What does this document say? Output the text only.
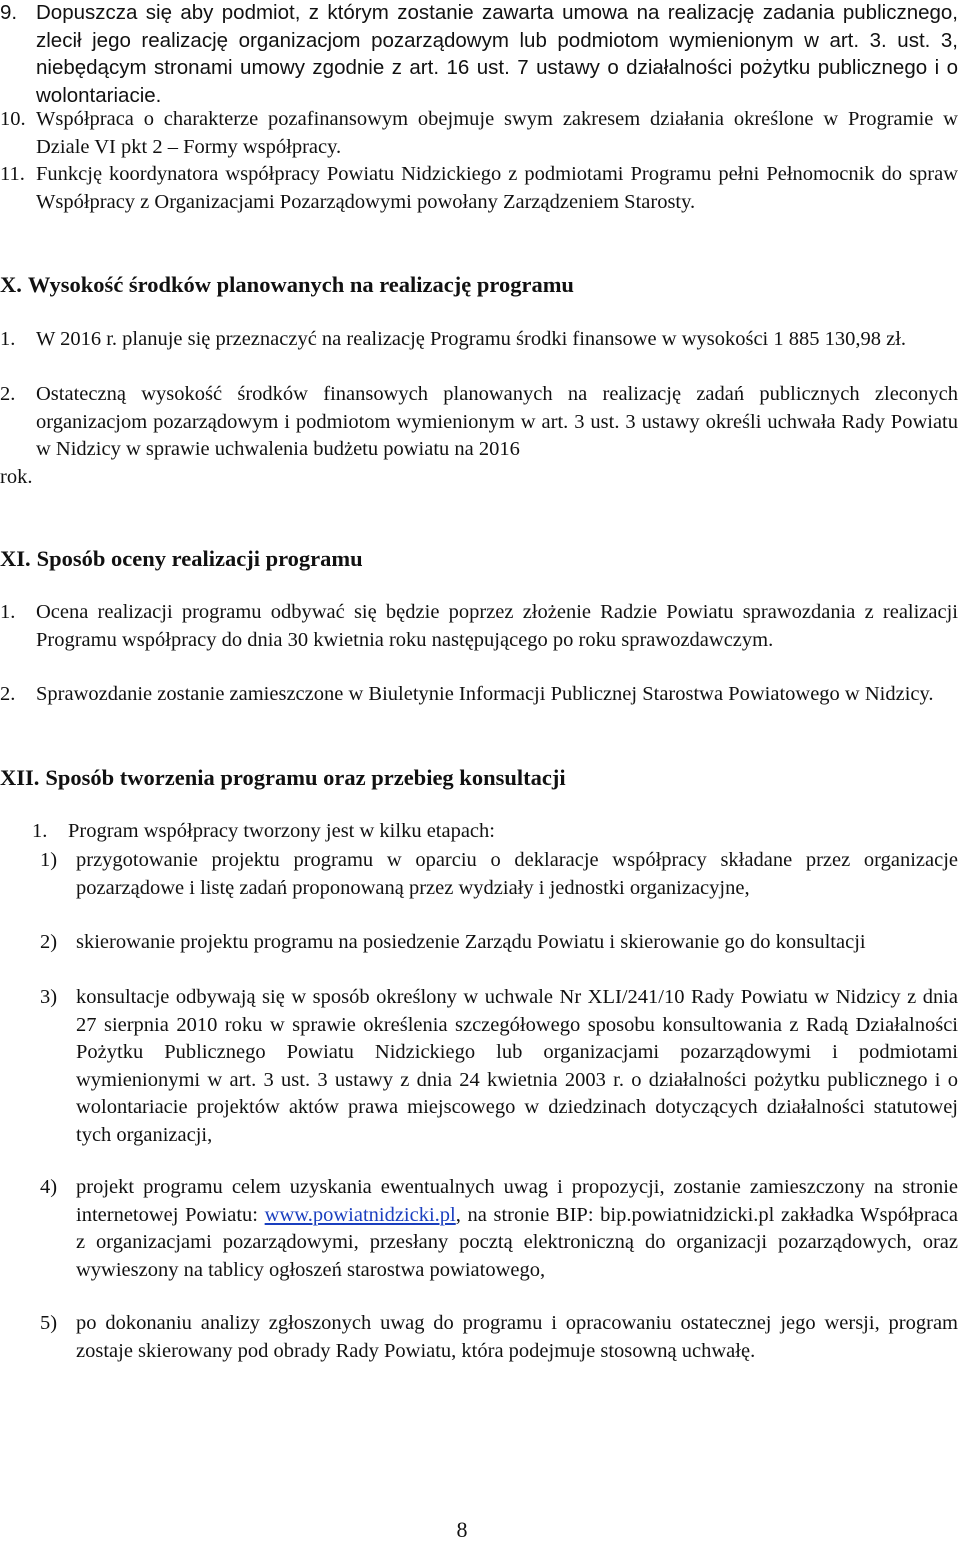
9. Dopuszcza się aby podmiot, z którym zostanie zawarta umowa na realizację zadania publicznego, zlecił jego realizację organizacjom pozarządowym lub podmiotom wymienionym w art. 3. ust. 3, niebędącym stronami umowy zgodnie z art. 16 ust. 7 ustawy o działalności pożytku publicznego i o wolontariacie.
10. Współpraca o charakterze pozafinansowym obejmuje swym zakresem działania określone w Programie w Dziale VI pkt 2 – Formy współpracy.
11. Funkcję koordynatora współpracy Powiatu Nidzickiego z podmiotami Programu pełni Pełnomocnik do spraw Współpracy z Organizacjami Pozarządowymi powołany Zarządzeniem Starosty.
X. Wysokość środków planowanych na realizację programu
1. W 2016 r. planuje się przeznaczyć na realizację Programu środki finansowe w wysokości 1 885 130,98 zł.
2. Ostateczną wysokość środków finansowych planowanych na realizację zadań publicznych zleconych organizacjom pozarządowym i podmiotom wymienionym w art. 3 ust. 3 ustawy określi uchwała Rady Powiatu w Nidzicy w sprawie uchwalenia budżetu powiatu na 2016
rok.
XI. Sposób oceny realizacji programu
1. Ocena realizacji programu odbywać się będzie poprzez złożenie Radzie Powiatu sprawozdania z realizacji Programu współpracy do dnia 30 kwietnia roku następującego po roku sprawozdawczym.
2. Sprawozdanie zostanie zamieszczone w Biuletynie Informacji Publicznej Starostwa Powiatowego w Nidzicy.
XII. Sposób tworzenia programu oraz przebieg konsultacji
1. Program współpracy tworzony jest w kilku etapach:
1) przygotowanie projektu programu w oparciu o deklaracje współpracy składane przez organizacje pozarządowe i listę zadań proponowaną przez wydziały i jednostki organizacyjne,
2) skierowanie projektu programu na posiedzenie Zarządu Powiatu i skierowanie go do konsultacji
3) konsultacje odbywają się w sposób określony w uchwale Nr XLI/241/10 Rady Powiatu w Nidzicy z dnia 27 sierpnia 2010 roku w sprawie określenia szczegółowego sposobu konsultowania z Radą Działalności Pożytku Publicznego Powiatu Nidzickiego lub organizacjami pozarządowymi i podmiotami wymienionymi w art. 3 ust. 3 ustawy z dnia 24 kwietnia 2003 r. o działalności pożytku publicznego i o wolontariacie projektów aktów prawa miejscowego w dziedzinach dotyczących działalności statutowej tych organizacji,
4) projekt programu celem uzyskania ewentualnych uwag i propozycji, zostanie zamieszczony na stronie internetowej Powiatu: www.powiatnidzicki.pl, na stronie BIP: bip.powiatnidzicki.pl zakładka Współpraca z organizacjami pozarządowymi, przesłany pocztą elektroniczną do organizacji pozarządowych, oraz wywieszony na tablicy ogłoszeń starostwa powiatowego,
5) po dokonaniu analizy zgłoszonych uwag do programu i opracowaniu ostatecznej jego wersji, program zostaje skierowany pod obrady Rady Powiatu, która podejmuje stosowną uchwałę.
8
